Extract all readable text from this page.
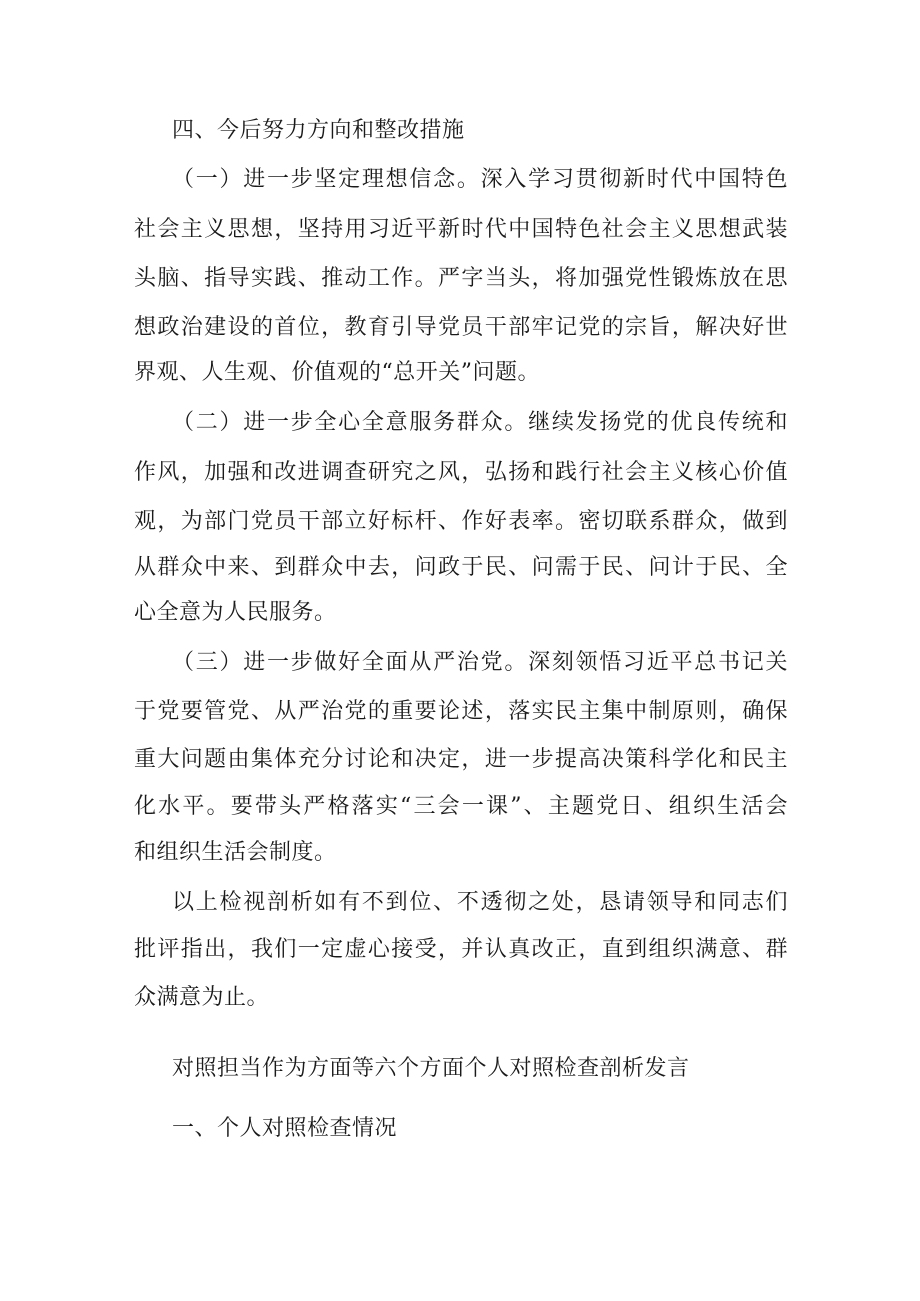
四、今后努力方向和整改措施

（一）进一步坚定理想信念。深入学习贯彻新时代中国特色

社会主义思想，坚持用习近平新时代中国特色社会主义思想武装

头脑、指导实践、推动工作。严字当头，将加强党性锻炼放在思

想政治建设的首位，教育引导党员干部牢记党的宗旨，解决好世

界观、人生观、价值观的“总开关”问题。

（二）进一步全心全意服务群众。继续发扬党的优良传统和

作风，加强和改进调查研究之风，弘扬和践行社会主义核心价值

观，为部门党员干部立好标杆、作好表率。密切联系群众，做到

从群众中来、到群众中去，问政于民、问需于民、问计于民、全

心全意为人民服务。

（三）进一步做好全面从严治党。深刻领悟习近平总书记关

于党要管党、从严治党的重要论述，落实民主集中制原则，确保

重大问题由集体充分讨论和决定，进一步提高决策科学化和民主

化水平。要带头严格落实“三会一课”、主题党日、组织生活会

和组织生活会制度。

以上检视剖析如有不到位、不透彻之处，恳请领导和同志们

批评指出，我们一定虚心接受，并认真改正，直到组织满意、群

众满意为止。

对照担当作为方面等六个方面个人对照检查剖析发言

一、个人对照检查情况
